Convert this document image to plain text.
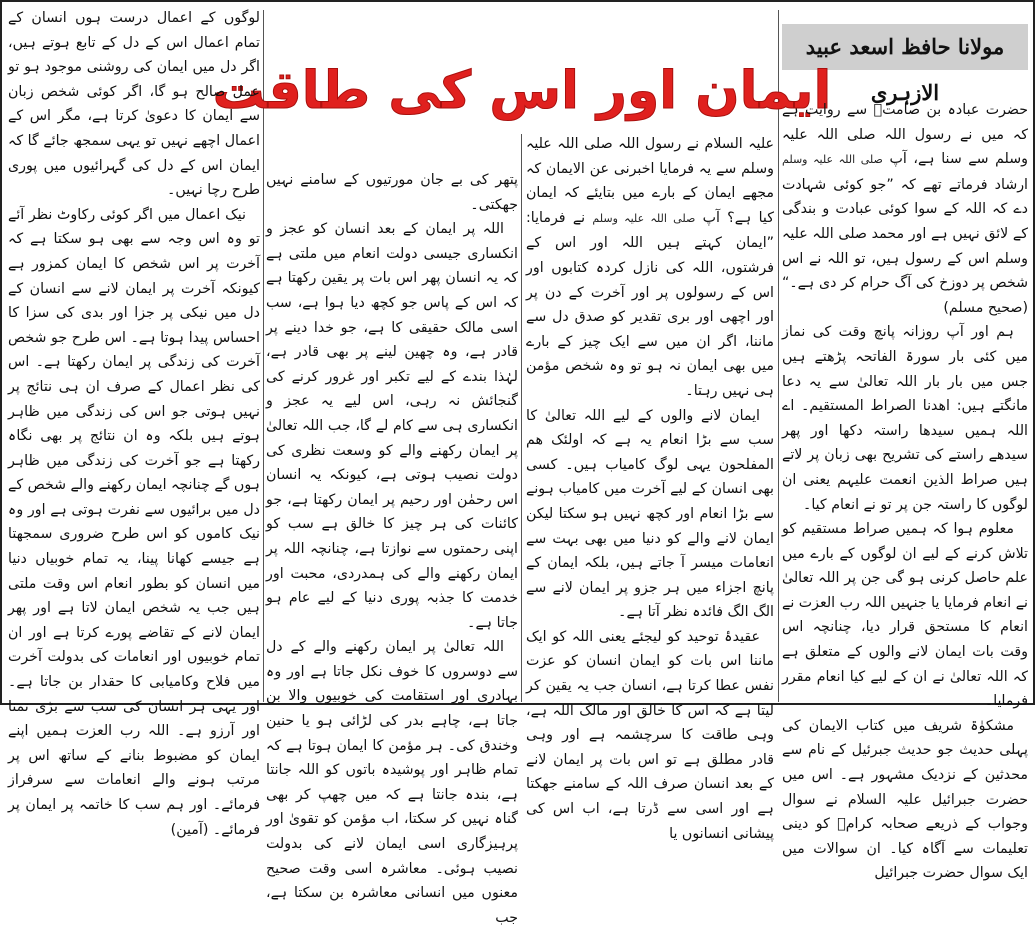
مولانا حافظ اسعد عبید الازہری
ایمان اور اس کی طاقت

حضرت عبادہ بن صامتؓ سے روایت ہے کہ میں نے رسول اللہ صلی اللہ علیہ وسلم سے سنا ہے، آپ صلی اللہ علیہ وسلم ارشاد فرماتے تھے کہ ”جو کوئی شہادت دے کہ اللہ کے سوا کوئی عبادت و بندگی کے لائق نہیں ہے اور محمد صلی اللہ علیہ وسلم اس کے رسول ہیں، تو اللہ نے اس شخص پر دوزخ کی آگ حرام کر دی ہے۔“ (صحیح مسلم)

ہم اور آپ روزانہ پانچ وقت کی نماز میں کئی بار سورۃ الفاتحہ پڑھتے ہیں جس میں بار بار اللہ تعالیٰ سے یہ دعا مانگتے ہیں: اھدنا الصراط المستقیم۔ اے اللہ ہمیں سیدھا راستہ دکھا اور پھر سیدھے راستے کی تشریح بھی زبان پر لاتے ہیں صراط الذین انعمت علیہم یعنی ان لوگوں کا راستہ جن پر تو نے انعام کیا۔

معلوم ہوا کہ ہمیں صراط مستقیم کو تلاش کرنے کے لیے ان لوگوں کے بارے میں علم حاصل کرنی ہو گی جن پر اللہ تعالیٰ نے انعام فرمایا یا جنہیں اللہ رب العزت نے انعام کا مستحق قرار دیا، چنانچہ اس وقت بات ایمان لانے والوں کے متعلق ہے کہ اللہ تعالیٰ نے ان کے لیے کیا انعام مقرر فرمایا۔

مشکوٰۃ شریف میں کتاب الایمان کی پہلی حدیث جو حدیث جبرئیل کے نام سے محدثین کے نزدیک مشہور ہے۔ اس میں حضرت جبرائیل علیہ السلام نے سوال وجواب کے ذریعے صحابہ کرامؓ کو دینی تعلیمات سے آگاہ کیا۔ ان سوالات میں ایک سوال حضرت جبرائیل

علیہ السلام نے رسول اللہ صلی اللہ علیہ وسلم سے یہ فرمایا اخبرنی عن الایمان کہ مجھے ایمان کے بارے میں بتایئے کہ ایمان کیا ہے؟ آپ صلی اللہ علیہ وسلم نے فرمایا: ”ایمان کہتے ہیں اللہ اور اس کے فرشتوں، اللہ کی نازل کردہ کتابوں اور اس کے رسولوں پر اور آخرت کے دن پر اور اچھی اور بری تقدیر کو صدق دل سے ماننا، اگر ان میں سے ایک چیز کے بارے میں بھی ایمان نہ ہو تو وہ شخص مؤمن ہی نہیں رہتا۔

ایمان لانے والوں کے لیے اللہ تعالیٰ کا سب سے بڑا انعام یہ ہے کہ اولئک ھم المفلحون یہی لوگ کامیاب ہیں۔ کسی بھی انسان کے لیے آخرت میں کامیاب ہونے سے بڑا انعام اور کچھ نہیں ہو سکتا لیکن ایمان لانے والے کو دنیا میں بھی بہت سے انعامات میسر آ جاتے ہیں، بلکہ ایمان کے پانچ اجزاء میں ہر جزو پر ایمان لانے سے الگ الگ فائدہ نظر آتا ہے۔

عقیدۂ توحید کو لیجئے یعنی اللہ کو ایک ماننا اس بات کو ایمان انسان کو عزت نفس عطا کرتا ہے، انسان جب یہ یقین کر لیتا ہے کہ اس کا خالق اور مالک اللہ ہے، وہی طاقت کا سرچشمہ ہے اور وہی قادر مطلق ہے تو اس بات پر ایمان لانے کے بعد انسان صرف اللہ کے سامنے جھکتا ہے اور اسی سے ڈرتا ہے، اب اس کی پیشانی انسانوں یا

پتھر کی بے جان مورتیوں کے سامنے نہیں جھکتی۔

اللہ پر ایمان کے بعد انسان کو عجز و انکساری جیسی دولت انعام میں ملتی ہے کہ یہ انسان پھر اس بات پر یقین رکھتا ہے کہ اس کے پاس جو کچھ دیا ہوا ہے، سب اسی مالک حقیقی کا ہے، جو خدا دینے پر قادر ہے، وہ چھین لینے پر بھی قادر ہے، لہٰذا بندے کے لیے تکبر اور غرور کرنے کی گنجائش نہ رہی، اس لیے یہ عجز و انکساری ہی سے کام لے گا، جب اللہ تعالیٰ پر ایمان رکھنے والے کو وسعت نظری کی دولت نصیب ہوتی ہے، کیونکہ یہ انسان اس رحمٰن اور رحیم پر ایمان رکھتا ہے، جو کائنات کی ہر چیز کا خالق ہے سب کو اپنی رحمتوں سے نوازتا ہے، چنانچہ اللہ پر ایمان رکھنے والے کی ہمدردی، محبت اور خدمت کا جذبہ پوری دنیا کے لیے عام ہو جاتا ہے۔

اللہ تعالیٰ پر ایمان رکھنے والے کے دل سے دوسروں کا خوف نکل جاتا ہے اور وہ بہادری اور استقامت کی خوبیوں والا بن جاتا ہے، چاہے بدر کی لڑائی ہو یا حنین وخندق کی۔ ہر مؤمن کا ایمان ہوتا ہے کہ تمام ظاہر اور پوشیدہ باتوں کو اللہ جانتا ہے، بندہ جانتا ہے کہ میں چھپ کر بھی گناہ نہیں کر سکتا، اب مؤمن کو تقویٰ اور پرہیزگاری اسی ایمان لانے کی بدولت نصیب ہوئی۔ معاشرہ اسی وقت صحیح معنوں میں انسانی معاشرہ بن سکتا ہے، جب

لوگوں کے اعمال درست ہوں انسان کے تمام اعمال اس کے دل کے تابع ہوتے ہیں، اگر دل میں ایمان کی روشنی موجود ہو تو عمل صالح ہو گا، اگر کوئی شخص زبان سے ایمان کا دعویٰ کرتا ہے، مگر اس کے اعمال اچھے نہیں تو یہی سمجھ جائے گا کہ ایمان اس کے دل کی گہرائیوں میں پوری طرح رچا نہیں۔

نیک اعمال میں اگر کوئی رکاوٹ نظر آئے تو وہ اس وجہ سے بھی ہو سکتا ہے کہ آخرت پر اس شخص کا ایمان کمزور ہے کیونکہ آخرت پر ایمان لانے سے انسان کے دل میں نیکی پر جزا اور بدی کی سزا کا احساس پیدا ہوتا ہے۔ اس طرح جو شخص آخرت کی زندگی پر ایمان رکھتا ہے۔ اس کی نظر اعمال کے صرف ان ہی نتائج پر نہیں ہوتی جو اس کی زندگی میں ظاہر ہوتے ہیں بلکہ وہ ان نتائج پر بھی نگاہ رکھتا ہے جو آخرت کی زندگی میں ظاہر ہوں گے چنانچہ ایمان رکھنے والے شخص کے دل میں برائیوں سے نفرت ہوتی ہے اور وہ نیک کاموں کو اس طرح ضروری سمجھتا ہے جیسے کھانا پینا، یہ تمام خوبیاں دنیا میں انسان کو بطور انعام اس وقت ملتی ہیں جب یہ شخص ایمان لاتا ہے اور پھر ایمان لانے کے تقاضے پورے کرتا ہے اور ان تمام خوبیوں اور انعامات کی بدولت آخرت میں فلاح وکامیابی کا حقدار بن جاتا ہے۔ اور یہی ہر انسان کی سب سے بڑی تمنا اور آرزو ہے۔ اللہ رب العزت ہمیں اپنے ایمان کو مضبوط بنانے کے ساتھ اس پر مرتب ہونے والے انعامات سے سرفراز فرمائے۔ اور ہم سب کا خاتمہ پر ایمان پر فرمائے۔ (آمین)
